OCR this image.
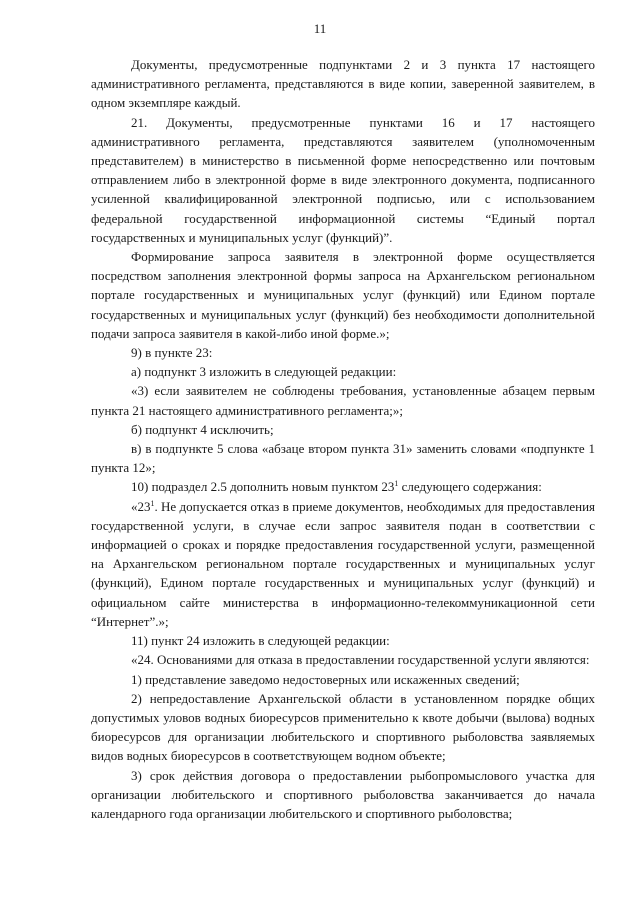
11

Документы, предусмотренные подпунктами 2 и 3 пункта 17 настоящего административного регламента, представляются в виде копии, заверенной заявителем, в одном экземпляре каждый.

21. Документы, предусмотренные пунктами 16 и 17 настоящего административного регламента, представляются заявителем (уполномоченным представителем) в министерство в письменной форме непосредственно или почтовым отправлением либо в электронной форме в виде электронного документа, подписанного усиленной квалифицированной электронной подписью, или с использованием федеральной государственной информационной системы “Единый портал государственных и муниципальных услуг (функций)”.

Формирование запроса заявителя в электронной форме осуществляется посредством заполнения электронной формы запроса на Архангельском региональном портале государственных и муниципальных услуг (функций) или Едином портале государственных и муниципальных услуг (функций) без необходимости дополнительной подачи запроса заявителя в какой-либо иной форме.»;

9) в пункте 23:

а) подпункт 3 изложить в следующей редакции:

«3) если заявителем не соблюдены требования, установленные абзацем первым пункта 21 настоящего административного регламента;»;

б) подпункт 4 исключить;

в) в подпункте 5 слова «абзаце втором пункта 31» заменить словами «подпункте 1 пункта 12»;

10) подраздел 2.5 дополнить новым пунктом $23^1$ следующего содержания:

«$23^1$. Не допускается отказ в приеме документов, необходимых для предоставления государственной услуги, в случае если запрос заявителя подан в соответствии с информацией о сроках и порядке предоставления государственной услуги, размещенной на Архангельском региональном портале государственных и муниципальных услуг (функций), Едином портале государственных и муниципальных услуг (функций) и официальном сайте министерства в информационно-телекоммуникационной сети “Интернет”.»;

11) пункт 24 изложить в следующей редакции:

«24. Основаниями для отказа в предоставлении государственной услуги являются:

1) представление заведомо недостоверных или искаженных сведений;

2) непредоставление Архангельской области в установленном порядке общих допустимых уловов водных биоресурсов применительно к квоте добычи (вылова) водных биоресурсов для организации любительского и спортивного рыболовства заявляемых видов водных биоресурсов в соответствующем водном объекте;

3) срок действия договора о предоставлении рыбопромыслового участка для организации любительского и спортивного рыболовства заканчивается до начала календарного года организации любительского и спортивного рыболовства;
